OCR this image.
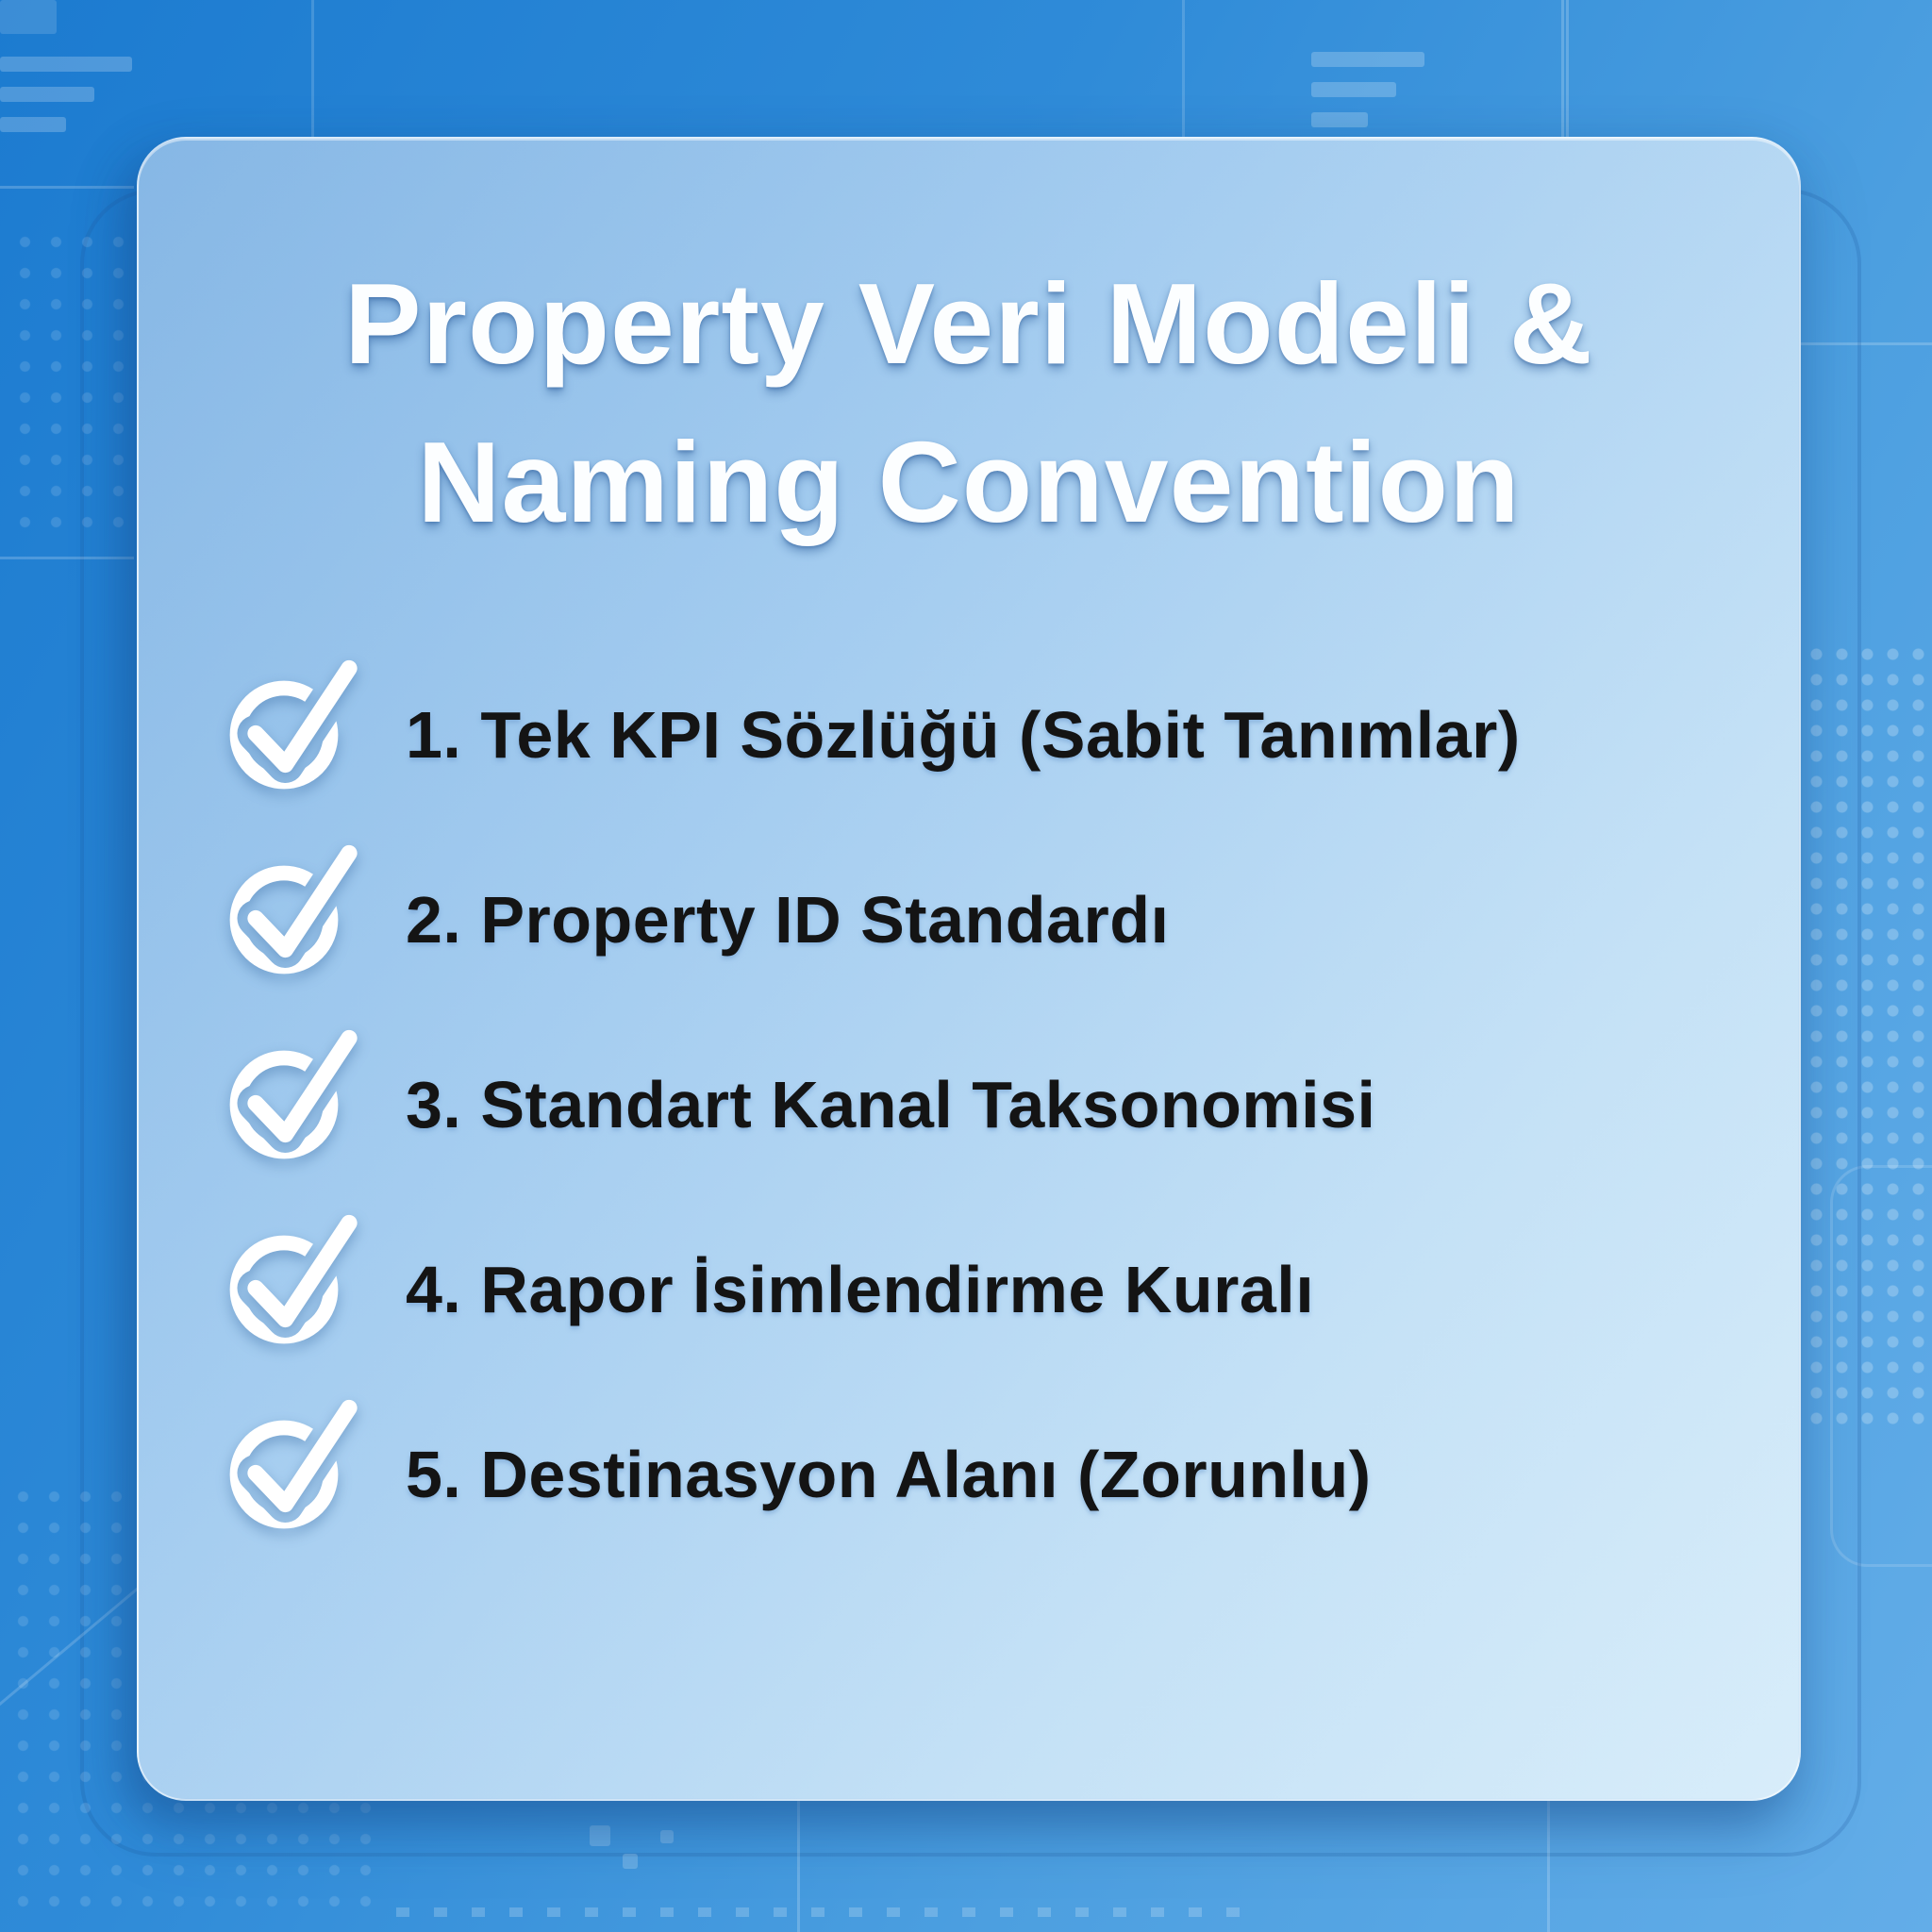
Property Veri Modeli &
Naming Convention
1. Tek KPI Sözlüğü (Sabit Tanımlar)
2. Property ID Standardı
3. Standart Kanal Taksonomisi
4. Rapor İsimlendirme Kuralı
5. Destinasyon Alanı (Zorunlu)
